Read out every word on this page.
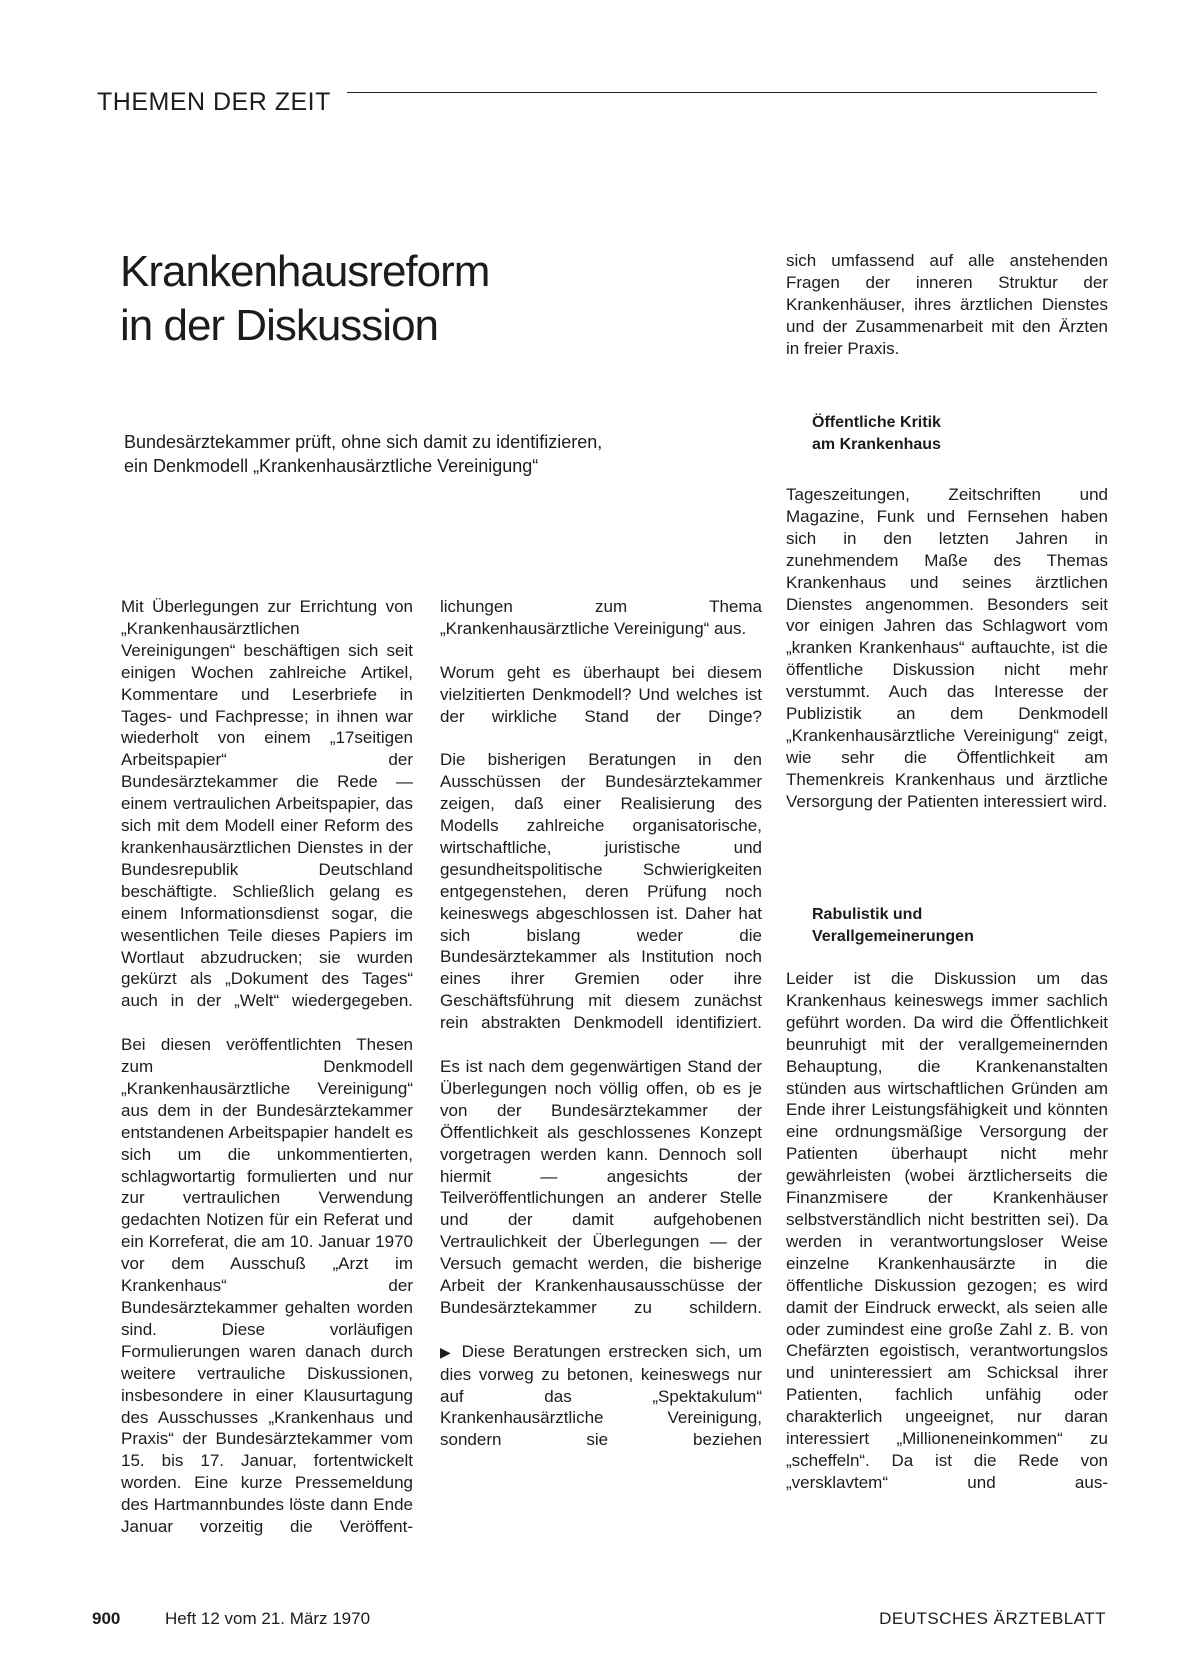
THEMEN DER ZEIT
Krankenhausreform
in der Diskussion
Bundesärztekammer prüft, ohne sich damit zu identifizieren,
ein Denkmodell „Krankenhausärztliche Vereinigung“

Mit Überlegungen zur Errichtung von „Krankenhausärztlichen Vereinigungen“ beschäftigen sich seit einigen Wochen zahlreiche Artikel, Kommentare und Leserbriefe in Tages- und Fachpresse; in ihnen war wiederholt von einem „17seitigen Arbeitspapier“ der Bundesärztekammer die Rede — einem vertraulichen Arbeitspapier, das sich mit dem Modell einer Reform des krankenhausärztlichen Dienstes in der Bundesrepublik Deutschland beschäftigte. Schließlich gelang es einem Informationsdienst sogar, die wesentlichen Teile dieses Papiers im Wortlaut abzudrucken; sie wurden gekürzt als „Dokument des Tages“ auch in der „Welt“ wiedergegeben.

Bei diesen veröffentlichten Thesen zum Denkmodell „Krankenhausärztliche Vereinigung“ aus dem in der Bundesärztekammer entstandenen Arbeitspapier handelt es sich um die unkommentierten, schlagwortartig formulierten und nur zur vertraulichen Verwendung gedachten Notizen für ein Referat und ein Korreferat, die am 10. Januar 1970 vor dem Ausschuß „Arzt im Krankenhaus“ der Bundesärztekammer gehalten worden sind. Diese vorläufigen Formulierungen waren danach durch weitere vertrauliche Diskussionen, insbesondere in einer Klausurtagung des Ausschusses „Krankenhaus und Praxis“ der Bundesärztekammer vom 15. bis 17. Januar, fortentwickelt worden. Eine kurze Pressemeldung des Hartmannbundes löste dann Ende Januar vorzeitig die Veröffent-

lichungen zum Thema „Krankenhausärztliche Vereinigung“ aus.

Worum geht es überhaupt bei diesem vielzitierten Denkmodell? Und welches ist der wirkliche Stand der Dinge?

Die bisherigen Beratungen in den Ausschüssen der Bundesärztekammer zeigen, daß einer Realisierung des Modells zahlreiche organisatorische, wirtschaftliche, juristische und gesundheitspolitische Schwierigkeiten entgegenstehen, deren Prüfung noch keineswegs abgeschlossen ist. Daher hat sich bislang weder die Bundesärztekammer als Institution noch eines ihrer Gremien oder ihre Geschäftsführung mit diesem zunächst rein abstrakten Denkmodell identifiziert.

Es ist nach dem gegenwärtigen Stand der Überlegungen noch völlig offen, ob es je von der Bundesärztekammer der Öffentlichkeit als geschlossenes Konzept vorgetragen werden kann. Dennoch soll hiermit — angesichts der Teilveröffentlichungen an anderer Stelle und der damit aufgehobenen Vertraulichkeit der Überlegungen — der Versuch gemacht werden, die bisherige Arbeit der Krankenhausausschüsse der Bundesärztekammer zu schildern.

▶ Diese Beratungen erstrecken sich, um dies vorweg zu betonen, keineswegs nur auf das „Spektakulum“ Krankenhausärztliche Vereinigung, sondern sie beziehen

sich umfassend auf alle anstehenden Fragen der inneren Struktur der Krankenhäuser, ihres ärztlichen Dienstes und der Zusammenarbeit mit den Ärzten in freier Praxis.

Öffentliche Kritik
am Krankenhaus

Tageszeitungen, Zeitschriften und Magazine, Funk und Fernsehen haben sich in den letzten Jahren in zunehmendem Maße des Themas Krankenhaus und seines ärztlichen Dienstes angenommen. Besonders seit vor einigen Jahren das Schlagwort vom „kranken Krankenhaus“ auftauchte, ist die öffentliche Diskussion nicht mehr verstummt. Auch das Interesse der Publizistik an dem Denkmodell „Krankenhausärztliche Vereinigung“ zeigt, wie sehr die Öffentlichkeit am Themenkreis Krankenhaus und ärztliche Versorgung der Patienten interessiert wird.

Rabulistik und
Verallgemeinerungen

Leider ist die Diskussion um das Krankenhaus keineswegs immer sachlich geführt worden. Da wird die Öffentlichkeit beunruhigt mit der verallgemeinernden Behauptung, die Krankenanstalten stünden aus wirtschaftlichen Gründen am Ende ihrer Leistungsfähigkeit und könnten eine ordnungsmäßige Versorgung der Patienten überhaupt nicht mehr gewährleisten (wobei ärztlicherseits die Finanzmisere der Krankenhäuser selbstverständlich nicht bestritten sei). Da werden in verantwortungsloser Weise einzelne Krankenhausärzte in die öffentliche Diskussion gezogen; es wird damit der Eindruck erweckt, als seien alle oder zumindest eine große Zahl z. B. von Chefärzten egoistisch, verantwortungslos und uninteressiert am Schicksal ihrer Patienten, fachlich unfähig oder charakterlich ungeeignet, nur daran interessiert „Millioneneinkommen“ zu „scheffeln“. Da ist die Rede von „versklavtem“ und aus-

900	Heft 12 vom 21. März 1970	DEUTSCHES ÄRZTEBLATT
